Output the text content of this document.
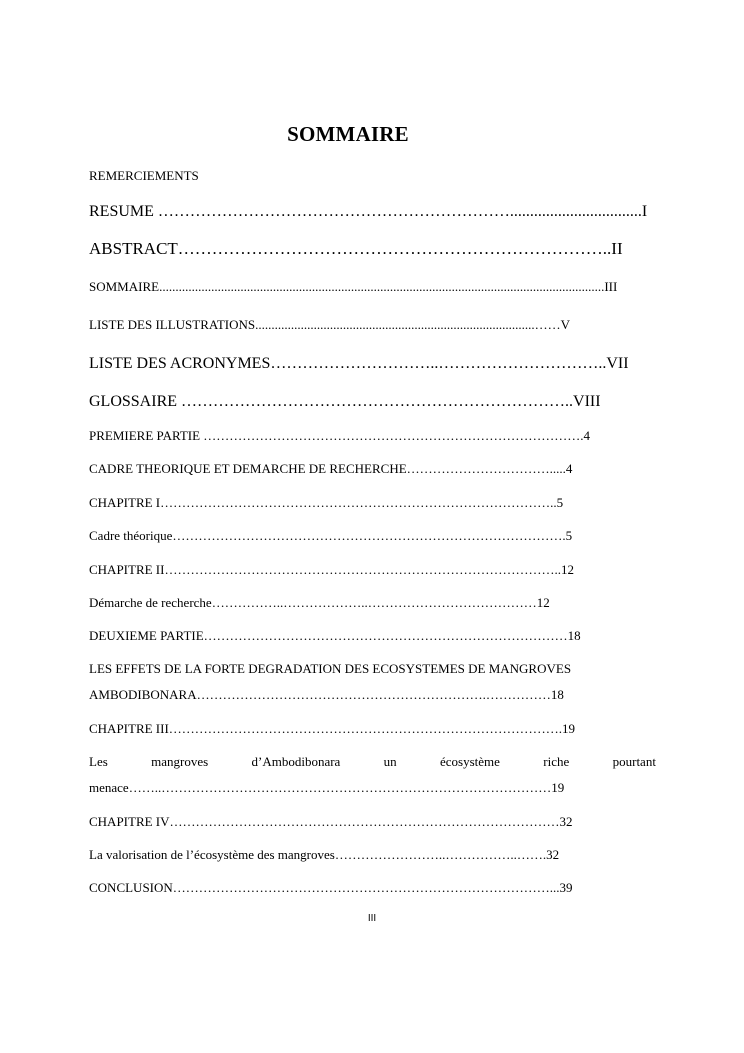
SOMMAIRE
REMERCIEMENTS
RESUME ………………………………………………………….................................I
ABSTRACT…………………………………………………………………..II
SOMMAIRE.........................................................................................................................................III
LISTE DES ILLUSTRATIONS......................................................................................……V
LISTE DES ACRONYMES…………………………..…………………………..VII
GLOSSAIRE ………………………………………………………………..VIII
PREMIERE PARTIE …………………………………………………………………………….4
CADRE THEORIQUE ET DEMARCHE DE RECHERCHE…………………………….....4
CHAPITRE I………………………………………………………………………………..5
Cadre théorique……………………………………………………………………………….5
CHAPITRE II………………………………………………………………………………..12
Démarche de recherche……………..………………..…………………………………12
DEUXIEME PARTIE…………………………………………………………………………18
LES EFFETS DE LA FORTE DEGRADATION DES ECOSYSTEMES DE MANGROVES
AMBODIBONARA………………………………………………………….……………18
CHAPITRE III……………………………………………………………………………….19
Les	mangroves	d’Ambodibonara	un	écosystème	riche	pourtant
menace……..………………………………………………………………………………19
CHAPITRE IV………………………………………………………………………………32
La valorisation de l’écosystème des mangroves……………………..……………..…….32
CONCLUSION……………………………………………………………………………...39
III
